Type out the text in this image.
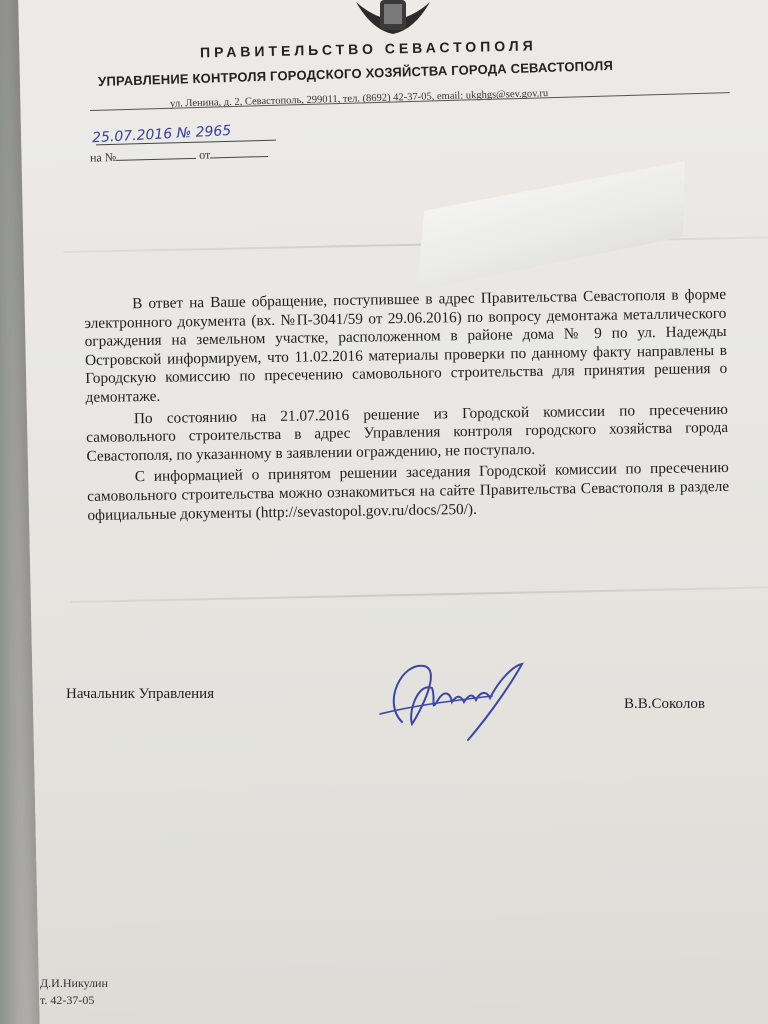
ПРАВИТЕЛЬСТВО СЕВАСТОПОЛЯ
УПРАВЛЕНИЕ КОНТРОЛЯ ГОРОДСКОГО ХОЗЯЙСТВА ГОРОДА СЕВАСТОПОЛЯ
ул. Ленина, д. 2, Севастополь, 299011, тел. (8692) 42-37-05, email: ukghgs@sev.gov.ru
25.07.2016 № 2965
на №	от

В ответ на Ваше обращение, поступившее в адрес Правительства Севастополя в форме электронного документа (вх. №П-3041/59 от 29.06.2016) по вопросу демонтажа металлического ограждения на земельном участке, расположенном в районе дома № 9 по ул. Надежды Островской информируем, что 11.02.2016 материалы проверки по данному факту направлены в Городскую комиссию по пресечению самовольного строительства для принятия решения о демонтаже.

По состоянию на 21.07.2016 решение из Городской комиссии по пресечению самовольного строительства в адрес Управления контроля городского хозяйства города Севастополя, по указанному в заявлении ограждению, не поступало.

С информацией о принятом решении заседания Городской комиссии по пресечению самовольного строительства можно ознакомиться на сайте Правительства Севастополя в разделе официальные документы (http://sevastopol.gov.ru/docs/250/).

Начальник Управления
В.В.Соколов
Д.И.Никулин
т. 42-37-05
